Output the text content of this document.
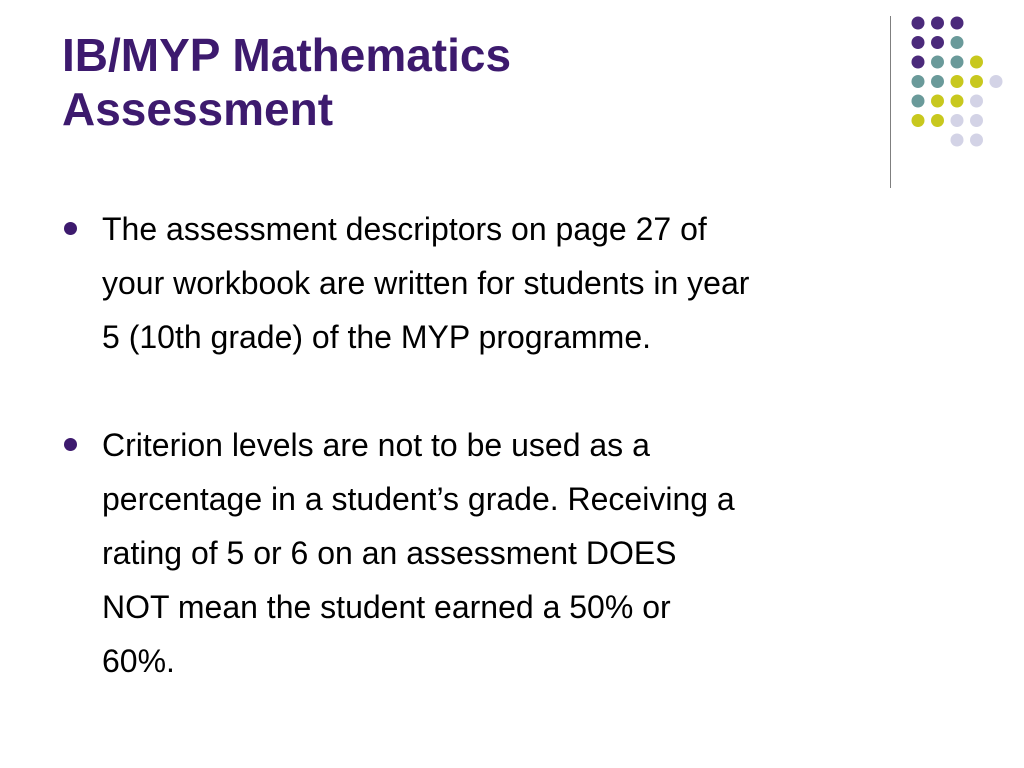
IB/MYP Mathematics
Assessment
The assessment descriptors on page 27 of
your workbook are written for students in year
5 (10th grade) of the MYP programme.
Criterion levels are not to be used as a
percentage in a student’s grade. Receiving a
rating of 5 or 6 on an assessment DOES
NOT mean the student earned a 50% or
60%.
